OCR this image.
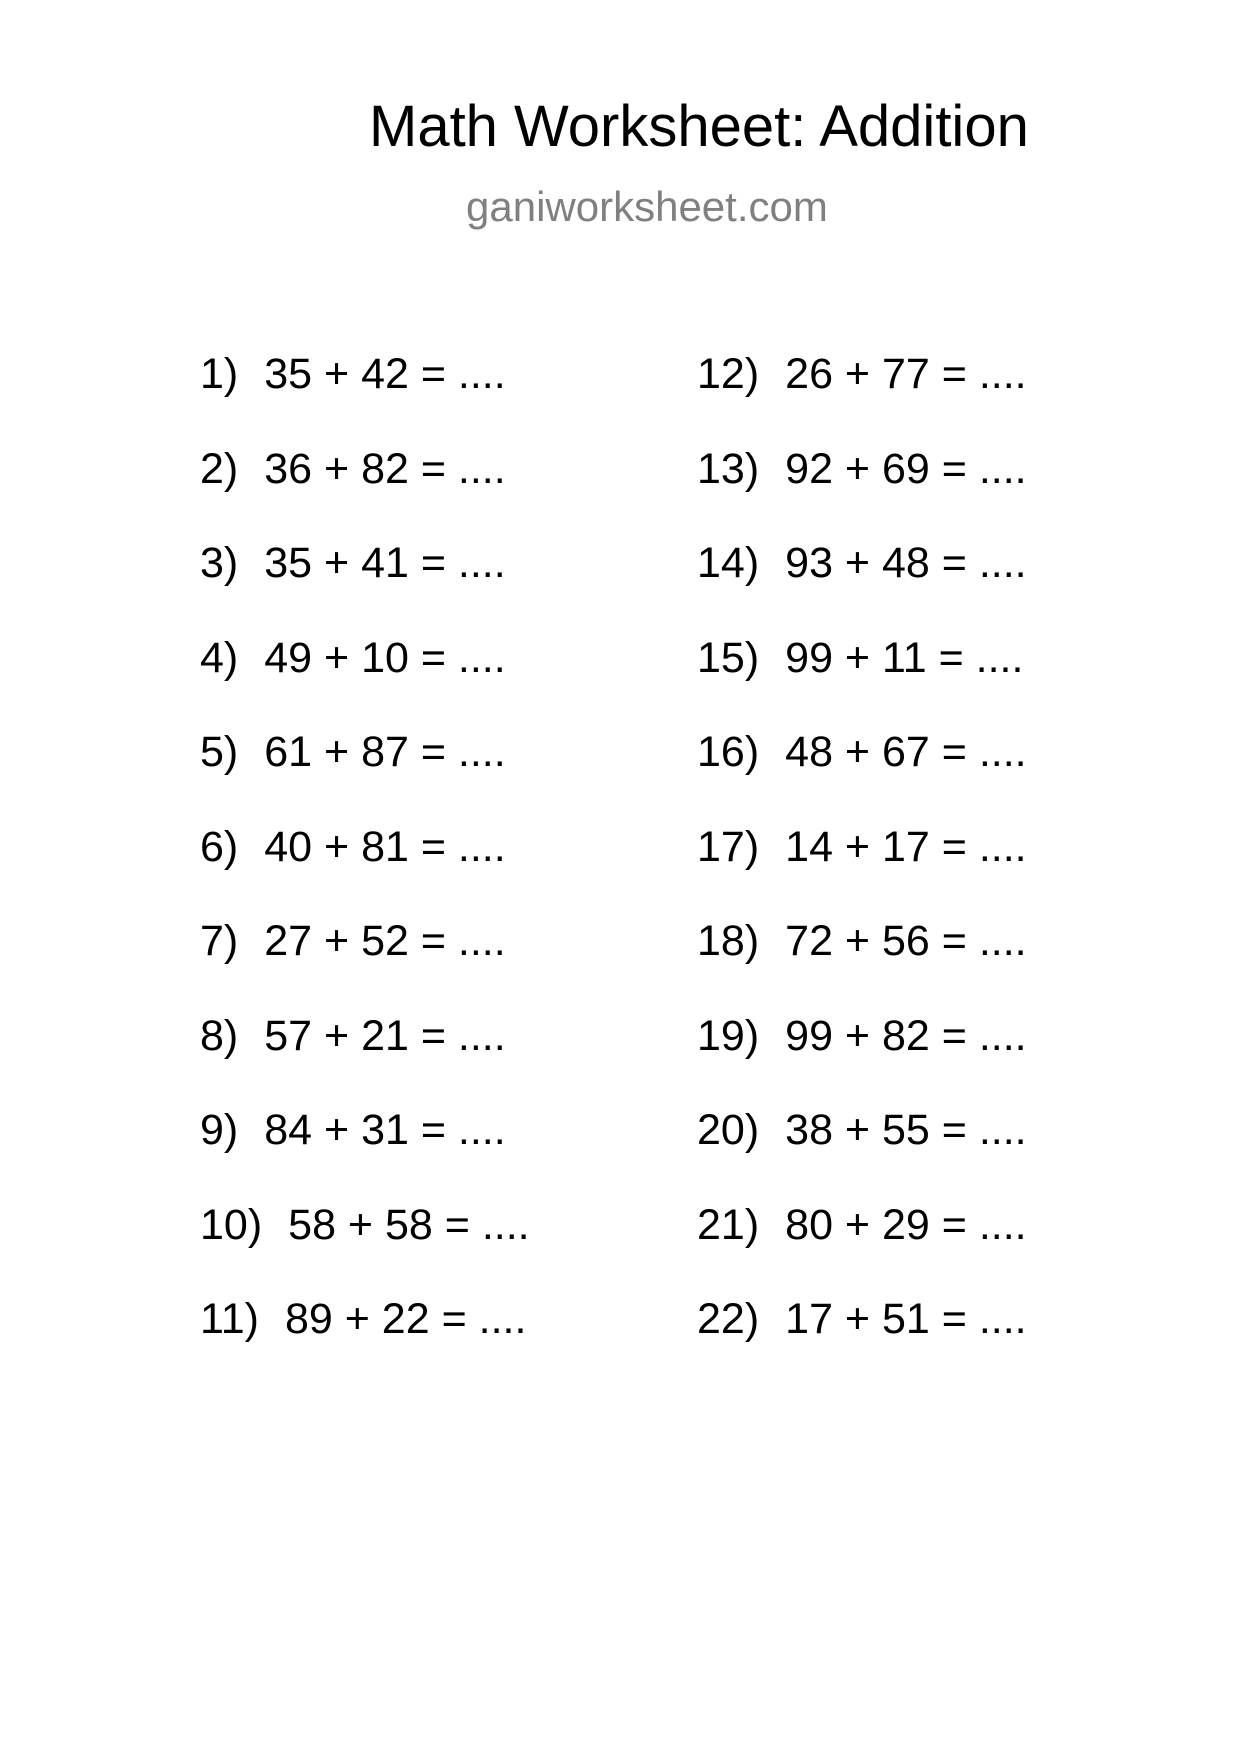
Math Worksheet: Addition
ganiworksheet.com
1) 35 + 42 = ....
2) 36 + 82 = ....
3) 35 + 41 = ....
4) 49 + 10 = ....
5) 61 + 87 = ....
6) 40 + 81 = ....
7) 27 + 52 = ....
8) 57 + 21 = ....
9) 84 + 31 = ....
10) 58 + 58 = ....
11) 89 + 22 = ....
12) 26 + 77 = ....
13) 92 + 69 = ....
14) 93 + 48 = ....
15) 99 + 11 = ....
16) 48 + 67 = ....
17) 14 + 17 = ....
18) 72 + 56 = ....
19) 99 + 82 = ....
20) 38 + 55 = ....
21) 80 + 29 = ....
22) 17 + 51 = ....
